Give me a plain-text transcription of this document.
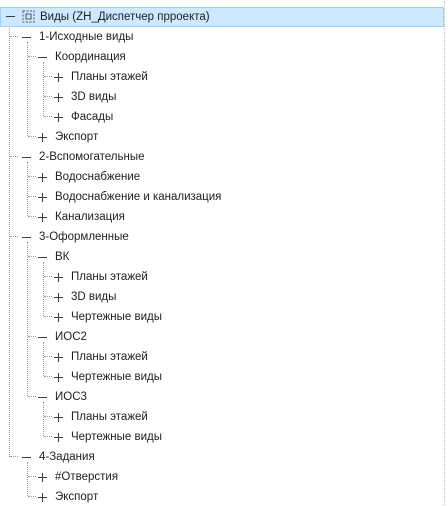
Виды (ZH_Диспетчер прроекта)
1-Исходные виды
Координация
Планы этажей
3D виды
Фасады
Экспорт
2-Вспомогательные
Водоснабжение
Водоснабжение и канализация
Канализация
3-Оформленные
ВК
Планы этажей
3D виды
Чертежные виды
ИОС2
Планы этажей
Чертежные виды
ИОС3
Планы этажей
Чертежные виды
4-Задания
#Отверстия
Экспорт
